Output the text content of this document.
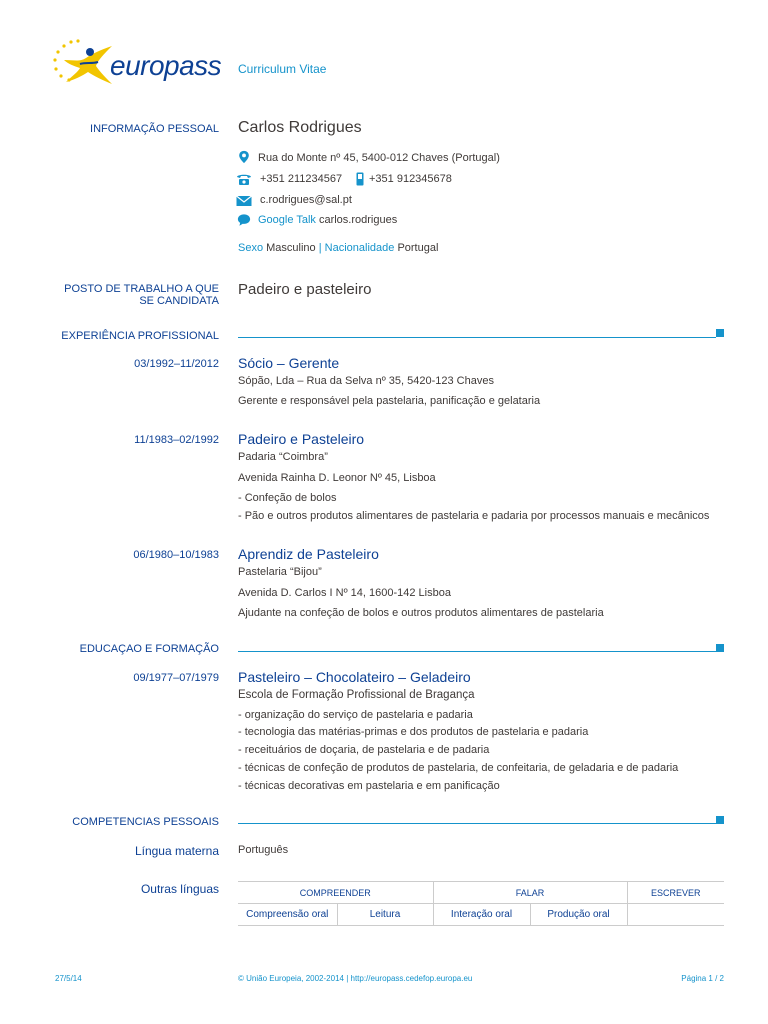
europass Curriculum Vitae
INFORMAÇÃO PESSOAL Carlos Rodrigues
Rua do Monte nº 45, 5400-012 Chaves (Portugal)
+351 211234567 +351 912345678
c.rodrigues@sal.pt
Google Talk carlos.rodrigues
Sexo Masculino | Nacionalidade Portugal
POSTO DE TRABALHO A QUE SE CANDIDATA
Padeiro e pasteleiro
EXPERIÊNCIA PROFISSIONAL
03/1992–11/2012 Sócio – Gerente
Sópão, Lda – Rua da Selva nº 35, 5420-123 Chaves
Gerente e responsável pela pastelaria, panificação e gelataria
11/1983–02/1992 Padeiro e Pasteleiro
Padaria “Coimbra”
Avenida Rainha D. Leonor Nº 45, Lisboa
- Confeção de bolos
- Pão e outros produtos alimentares de pastelaria e padaria por processos manuais e mecânicos
06/1980–10/1983 Aprendiz de Pasteleiro
Pastelaria “Bijou”
Avenida D. Carlos I Nº 14, 1600-142 Lisboa
Ajudante na confeção de bolos e outros produtos alimentares de pastelaria
EDUCAÇAO E FORMAÇÃO
09/1977–07/1979 Pasteleiro – Chocolateiro – Geladeiro
Escola de Formação Profissional de Bragança
- organização do serviço de pastelaria e padaria
- tecnologia das matérias-primas e dos produtos de pastelaria e padaria
- receituários de doçaria, de pastelaria e de padaria
- técnicas de confeção de produtos de pastelaria, de confeitaria, de geladaria e de padaria
- técnicas decorativas em pastelaria e em panificação
COMPETENCIAS PESSOAIS
Língua materna Português
Outras línguas	COMPREENDER		FALAR		ESCREVER
Compreensão oral	Leitura	Interação oral	Produção oral	
27/5/14	© União Europeia, 2002-2014 | http://europass.cedefop.europa.eu	Página 1 / 2
